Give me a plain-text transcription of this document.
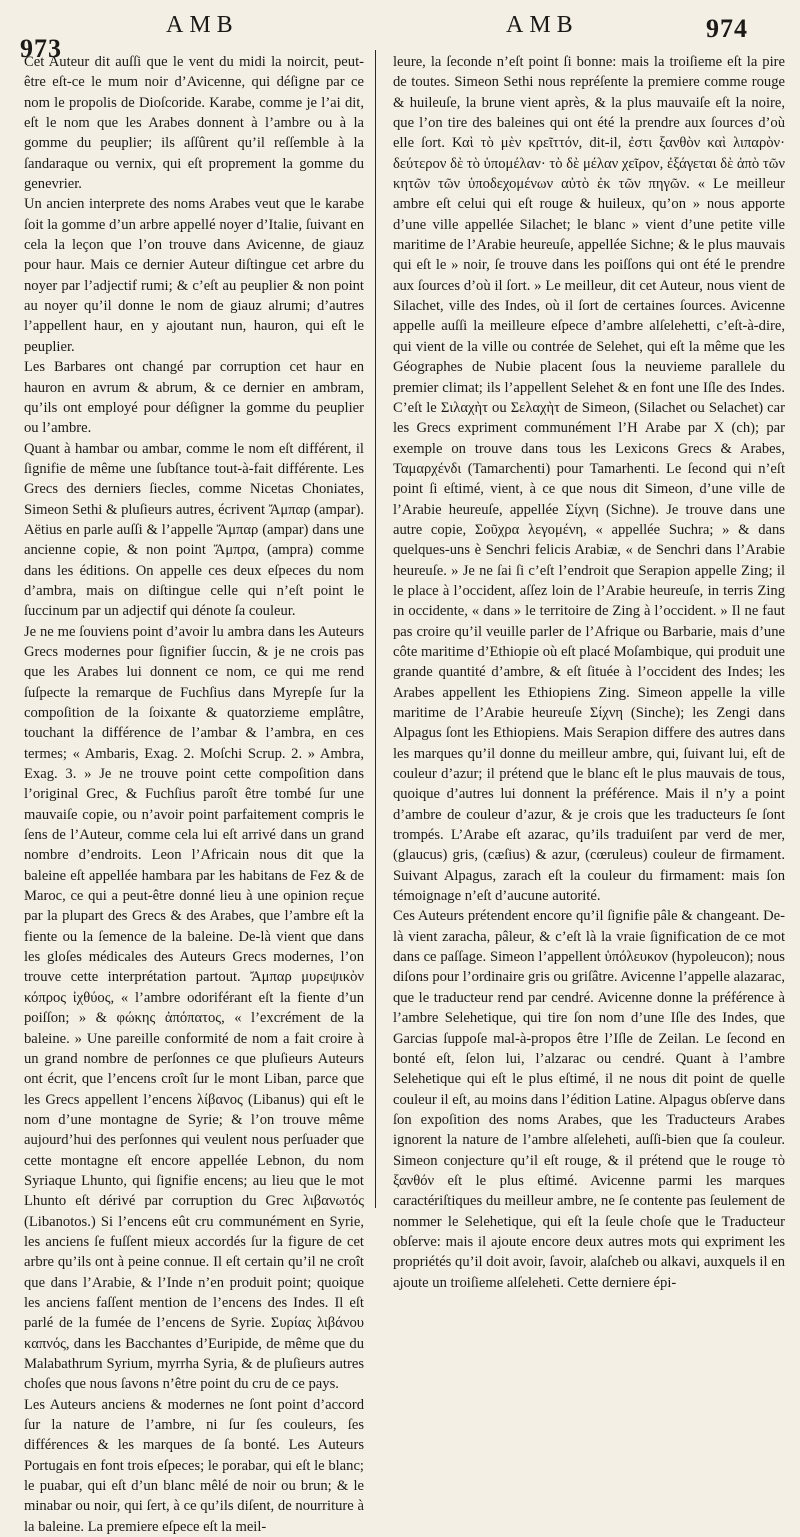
973
AMB	AMB	974

Cet Auteur dit auſſi que le vent du midi la noircit, peut-être eſt-ce le mum noir d’Avicenne, qui déſigne par ce nom le propolis de Dioſcoride. Karabe, comme je l’ai dit, eſt le nom que les Arabes donnent à l’ambre ou à la gomme du peuplier; ils aſſûrent qu’il reſſemble à la ſandaraque ou vernix, qui eſt proprement la gomme du genevrier.

Un ancien interprete des noms Arabes veut que le karabe ſoit la gomme d’un arbre appellé noyer d’Italie, ſuivant en cela la leçon que l’on trouve dans Avicenne, de giauz pour haur. Mais ce dernier Auteur diſtingue cet arbre du noyer par l’adjectif rumi; & c’eſt au peuplier & non point au noyer qu’il donne le nom de giauz alrumi; d’autres l’appellent haur, en y ajoutant nun, hauron, qui eſt le peuplier.

Les Barbares ont changé par corruption cet haur en hauron en avrum & abrum, & ce dernier en ambram, qu’ils ont employé pour déſigner la gomme du peuplier ou l’ambre.

Quant à hambar ou ambar, comme le nom eſt différent, il ſignifie de même une ſubſtance tout-à-fait différente. Les Grecs des derniers ſiecles, comme Nicetas Choniates, Simeon Sethi & pluſieurs autres, écrivent Ἄμπαρ (ampar). Aëtius en parle auſſi & l’appelle Ἄμπαρ (ampar) dans une ancienne copie, & non point Ἄμπρα, (ampra) comme dans les éditions. On appelle ces deux eſpeces du nom d’ambra, mais on diſtingue celle qui n’eſt point le ſuccinum par un adjectif qui dénote ſa couleur.

Je ne me ſouviens point d’avoir lu ambra dans les Auteurs Grecs modernes pour ſignifier ſuccin, & je ne crois pas que les Arabes lui donnent ce nom, ce qui me rend ſuſpecte la remarque de Fuchſius dans Myrepſe ſur la compoſition de la ſoixante & quatorzieme emplâtre, touchant la différence de l’ambar & l’ambra, en ces termes; « Ambaris, Exag. 2. Moſchi Scrup. 2. » Ambra, Exag. 3. » Je ne trouve point cette compoſition dans l’original Grec, & Fuchſius paroît être tombé ſur une mauvaiſe copie, ou n’avoir point parfaitement compris le ſens de l’Auteur, comme cela lui eſt arrivé dans un grand nombre d’endroits. Leon l’Africain nous dit que la baleine eſt appellée hambara par les habitans de Fez & de Maroc, ce qui a peut-être donné lieu à une opinion reçue par la plupart des Grecs & des Arabes, que l’ambre eſt la fiente ou la ſemence de la baleine. De-là vient que dans les gloſes médicales des Auteurs Grecs modernes, l’on trouve cette interprétation partout. Ἄμπαρ μυρεψικὸν κόπρος ἰχθύος, « l’ambre odoriférant eſt la fiente d’un poiſſon; » & φώκης ἀπόπατος, « l’excrément de la baleine. » Une pareille conformité de nom a fait croire à un grand nombre de perſonnes ce que pluſieurs Auteurs ont écrit, que l’encens croît ſur le mont Liban, parce que les Grecs appellent l’encens λίβανος (Libanus) qui eſt le nom d’une montagne de Syrie; & l’on trouve même aujourd’hui des perſonnes qui veulent nous perſuader que cette montagne eſt encore appellée Lebnon, du nom Syriaque Lhunto, qui ſignifie encens; au lieu que le mot Lhunto eſt dérivé par corruption du Grec λιβανωτός (Libanotos.) Si l’encens eût cru communément en Syrie, les anciens ſe fuſſent mieux accordés ſur la figure de cet arbre qu’ils ont à peine connue. Il eſt certain qu’il ne croît que dans l’Arabie, & l’Inde n’en produit point; quoique les anciens faſſent mention de l’encens des Indes. Il eſt parlé de la fumée de l’encens de Syrie. Συρίας λιβάνου καπνός, dans les Bacchantes d’Euripide, de même que du Malabathrum Syrium, myrrha Syria, & de pluſieurs autres choſes que nous ſavons n’être point du cru de ce pays.

Les Auteurs anciens & modernes ne ſont point d’accord ſur la nature de l’ambre, ni ſur ſes couleurs, ſes différences & les marques de ſa bonté. Les Auteurs Portugais en font trois eſpeces; le porabar, qui eſt le blanc; le puabar, qui eſt d’un blanc mêlé de noir ou brun; & le minabar ou noir, qui ſert, à ce qu’ils diſent, de nourriture à la baleine. La premiere eſpece eſt la meil-

leure, la ſeconde n’eſt point ſi bonne: mais la troiſieme eſt la pire de toutes. Simeon Sethi nous repréſente la premiere comme rouge & huileuſe, la brune vient après, & la plus mauvaiſe eſt la noire, que l’on tire des baleines qui ont été la prendre aux ſources d’où elle ſort. Καὶ τὸ μὲν κρεῖττόν, dit-il, ἐστι ξανθὸν καὶ λιπαρὸν· δεύτερον δὲ τὸ ὑπομέλαν· τὸ δὲ μέλαν χεῖρον, ἐξάγεται δὲ ἀπὸ τῶν κητῶν τῶν ὑποδεχομένων αὐτὸ ἐκ τῶν πηγῶν. « Le meilleur ambre eſt celui qui eſt rouge & huileux, qu’on » nous apporte d’une ville appellée Silachet; le blanc » vient d’une petite ville maritime de l’Arabie heureuſe, appellée Sichne; & le plus mauvais qui eſt le » noir, ſe trouve dans les poiſſons qui ont été le prendre aux ſources d’où il ſort. » Le meilleur, dit cet Auteur, nous vient de Silachet, ville des Indes, où il ſort de certaines ſources. Avicenne appelle auſſi la meilleure eſpece d’ambre alſelehetti, c’eſt-à-dire, qui vient de la ville ou contrée de Selehet, qui eſt la même que les Géographes de Nubie placent ſous la neuvieme parallele du premier climat; ils l’appellent Selehet & en font une Iſle des Indes. C’eſt le Σιλαχὴτ ou Σελαχὴτ de Simeon, (Silachet ou Selachet) car les Grecs expriment communément l’Η Arabe par Χ (ch); par exemple on trouve dans tous les Lexicons Grecs & Arabes, Ταμαρχένδι (Tamarchenti) pour Tamarhenti. Le ſecond qui n’eſt point ſi eſtimé, vient, à ce que nous dit Simeon, d’une ville de l’Arabie heureuſe, appellée Σίχνη (Sichne). Je trouve dans une autre copie, Σοῦχρα λεγομένη, « appellée Suchra; » & dans quelques-uns è Senchri felicis Arabiæ, « de Senchri dans l’Arabie heureuſe. » Je ne ſai ſi c’eſt l’endroit que Serapion appelle Zing; il le place à l’occident, aſſez loin de l’Arabie heureuſe, in terris Zing in occidente, « dans » le territoire de Zing à l’occident. » Il ne faut pas croire qu’il veuille parler de l’Afrique ou Barbarie, mais d’une côte maritime d’Ethiopie où eſt placé Moſambique, qui produit une grande quantité d’ambre, & eſt ſituée à l’occident des Indes; les Arabes appellent les Ethiopiens Zing. Simeon appelle la ville maritime de l’Arabie heureuſe Σίχνη (Sinche); les Zengi dans Alpagus ſont les Ethiopiens. Mais Serapion differe des autres dans les marques qu’il donne du meilleur ambre, qui, ſuivant lui, eſt de couleur d’azur; il prétend que le blanc eſt le plus mauvais de tous, quoique d’autres lui donnent la préférence. Mais il n’y a point d’ambre de couleur d’azur, & je crois que les traducteurs ſe ſont trompés. L’Arabe eſt azarac, qu’ils traduiſent par verd de mer, (glaucus) gris, (cæſius) & azur, (cœruleus) couleur de firmament. Suivant Alpagus, zarach eſt la couleur du firmament: mais ſon témoignage n’eſt d’aucune autorité.

Ces Auteurs prétendent encore qu’il ſignifie pâle & changeant. De-là vient zaracha, pâleur, & c’eſt là la vraie ſignification de ce mot dans ce paſſage. Simeon l’appellent ὑπόλευκον (hypoleucon); nous diſons pour l’ordinaire gris ou griſâtre. Avicenne l’appelle alazarac, que le traducteur rend par cendré. Avicenne donne la préférence à l’ambre Selehetique, qui tire ſon nom d’une Iſle des Indes, que Garcias ſuppoſe mal-à-propos être l’Iſle de Zeilan. Le ſecond en bonté eſt, ſelon lui, l’alzarac ou cendré. Quant à l’ambre Selehetique qui eſt le plus eſtimé, il ne nous dit point de quelle couleur il eſt, au moins dans l’édition Latine. Alpagus obſerve dans ſon expoſition des noms Arabes, que les Traducteurs Arabes ignorent la nature de l’ambre alſeleheti, auſſi-bien que ſa couleur. Simeon conjecture qu’il eſt rouge, & il prétend que le rouge τὸ ξανθόν eſt le plus eſtimé. Avicenne parmi les marques caractériſtiques du meilleur ambre, ne ſe contente pas ſeulement de nommer le Selehetique, qui eſt la ſeule choſe que le Traducteur obſerve: mais il ajoute encore deux autres mots qui expriment les propriétés qu’il doit avoir, ſavoir, alaſcheb ou alkavi, auxquels il en ajoute un troiſieme alſeleheti. Cette derniere épi-
